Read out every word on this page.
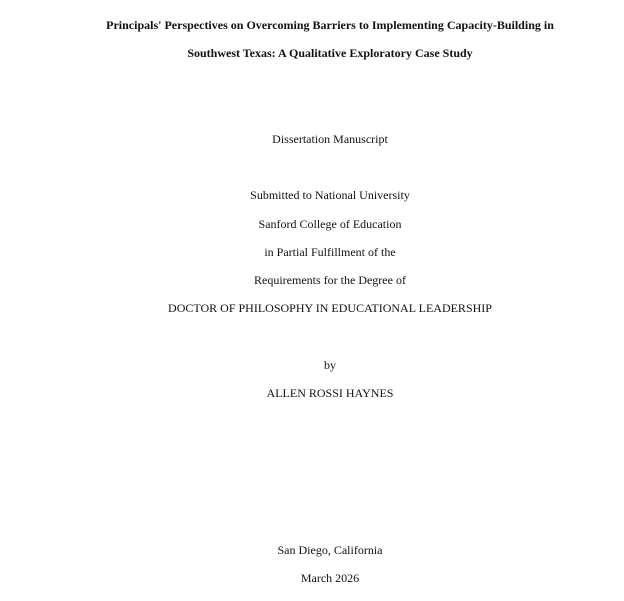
Principals' Perspectives on Overcoming Barriers to Implementing Capacity-Building in
Southwest Texas: A Qualitative Exploratory Case Study
Dissertation Manuscript
Submitted to National University
Sanford College of Education
in Partial Fulfillment of the
Requirements for the Degree of
DOCTOR OF PHILOSOPHY IN EDUCATIONAL LEADERSHIP
by
ALLEN ROSSI HAYNES
San Diego, California
March 2026
